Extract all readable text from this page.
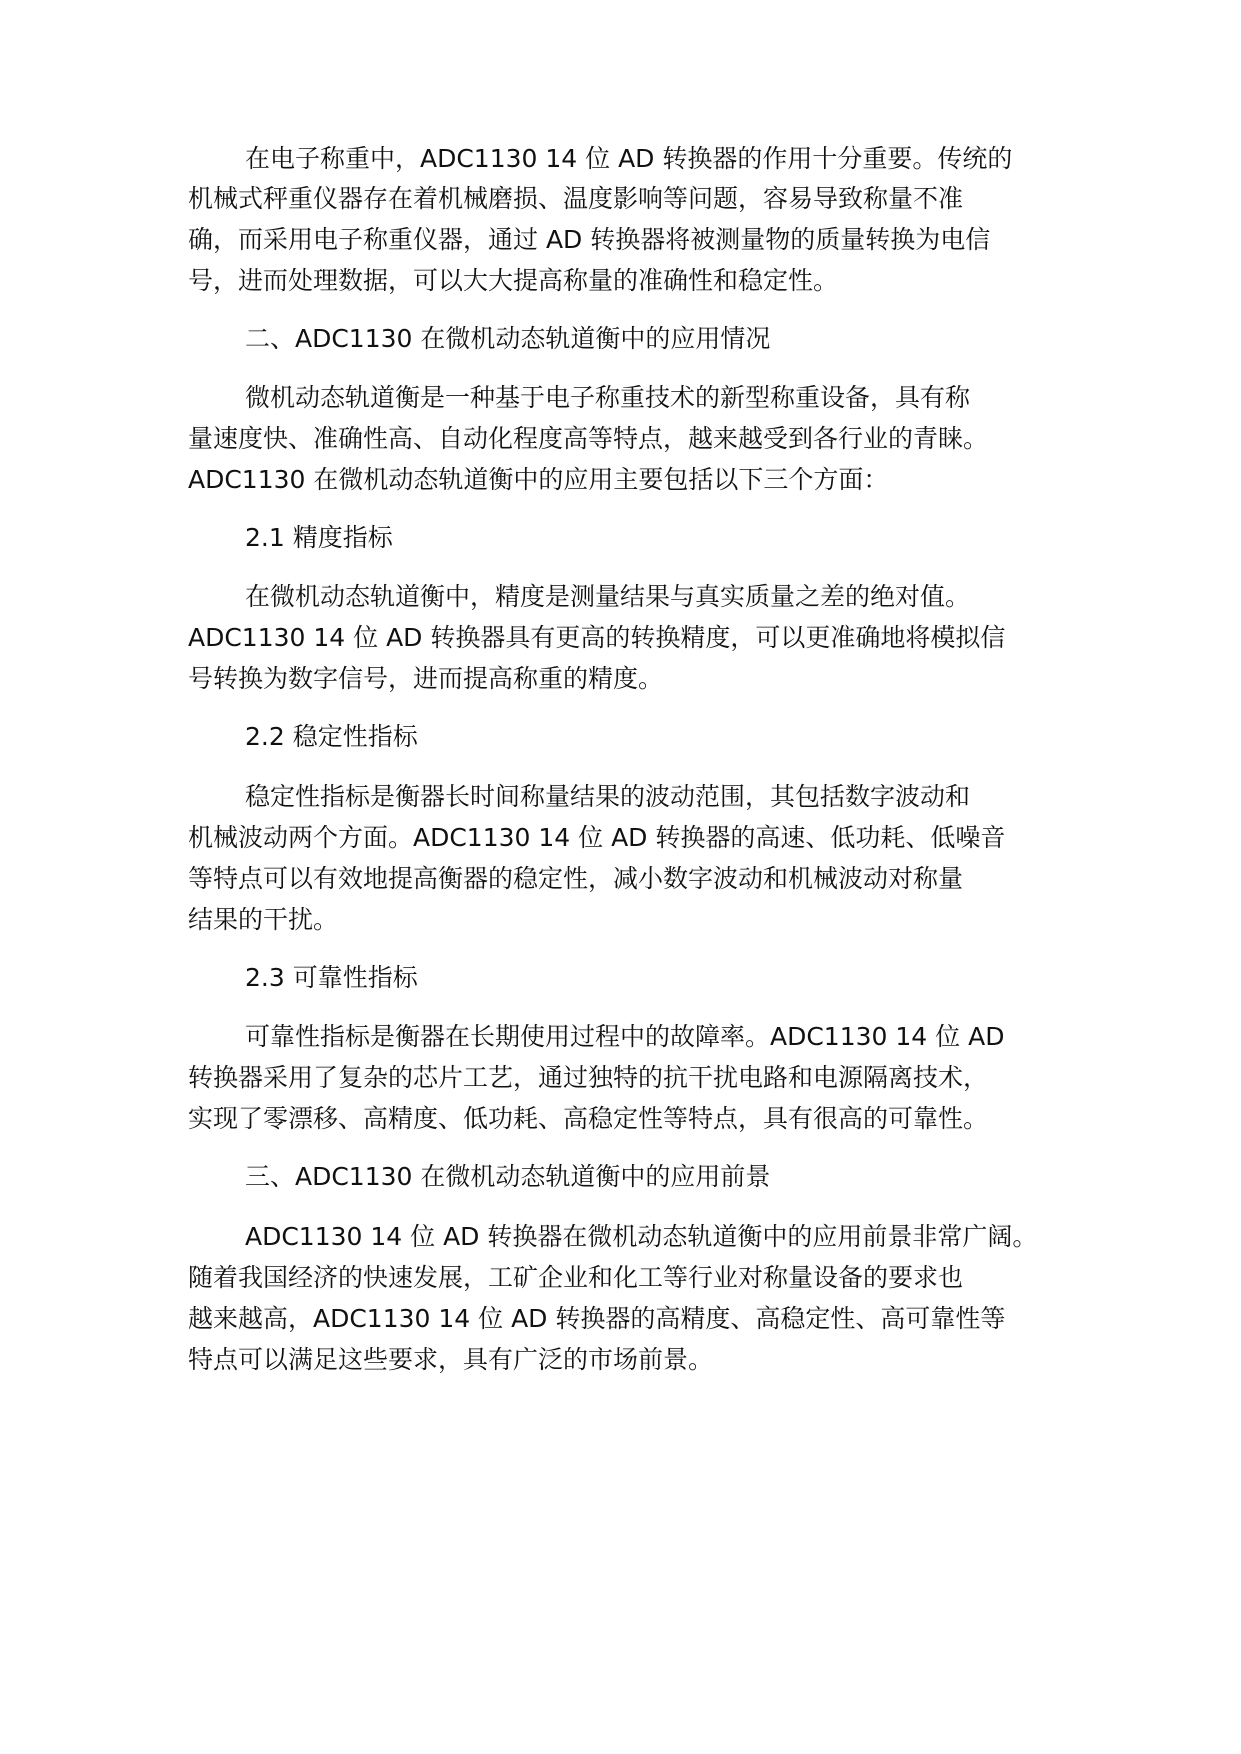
在电子称重中，ADC1130 14 位 AD 转换器的作用十分重要。传统的
机械式秤重仪器存在着机械磨损、温度影响等问题，容易导致称量不准
确，而采用电子称重仪器，通过 AD 转换器将被测量物的质量转换为电信
号，进而处理数据，可以大大提高称量的准确性和稳定性。
二、ADC1130 在微机动态轨道衡中的应用情况
微机动态轨道衡是一种基于电子称重技术的新型称重设备，具有称
量速度快、准确性高、自动化程度高等特点，越来越受到各行业的青睐。
ADC1130 在微机动态轨道衡中的应用主要包括以下三个方面：
2.1 精度指标
在微机动态轨道衡中，精度是测量结果与真实质量之差的绝对值。
ADC1130 14 位 AD 转换器具有更高的转换精度，可以更准确地将模拟信
号转换为数字信号，进而提高称重的精度。
2.2 稳定性指标
稳定性指标是衡器长时间称量结果的波动范围，其包括数字波动和
机械波动两个方面。ADC1130 14 位 AD 转换器的高速、低功耗、低噪音
等特点可以有效地提高衡器的稳定性，减小数字波动和机械波动对称量
结果的干扰。
2.3 可靠性指标
可靠性指标是衡器在长期使用过程中的故障率。ADC1130 14 位 AD
转换器采用了复杂的芯片工艺，通过独特的抗干扰电路和电源隔离技术，
实现了零漂移、高精度、低功耗、高稳定性等特点，具有很高的可靠性。
三、ADC1130 在微机动态轨道衡中的应用前景
ADC1130 14 位 AD 转换器在微机动态轨道衡中的应用前景非常广阔。
随着我国经济的快速发展，工矿企业和化工等行业对称量设备的要求也
越来越高，ADC1130 14 位 AD 转换器的高精度、高稳定性、高可靠性等
特点可以满足这些要求，具有广泛的市场前景。
